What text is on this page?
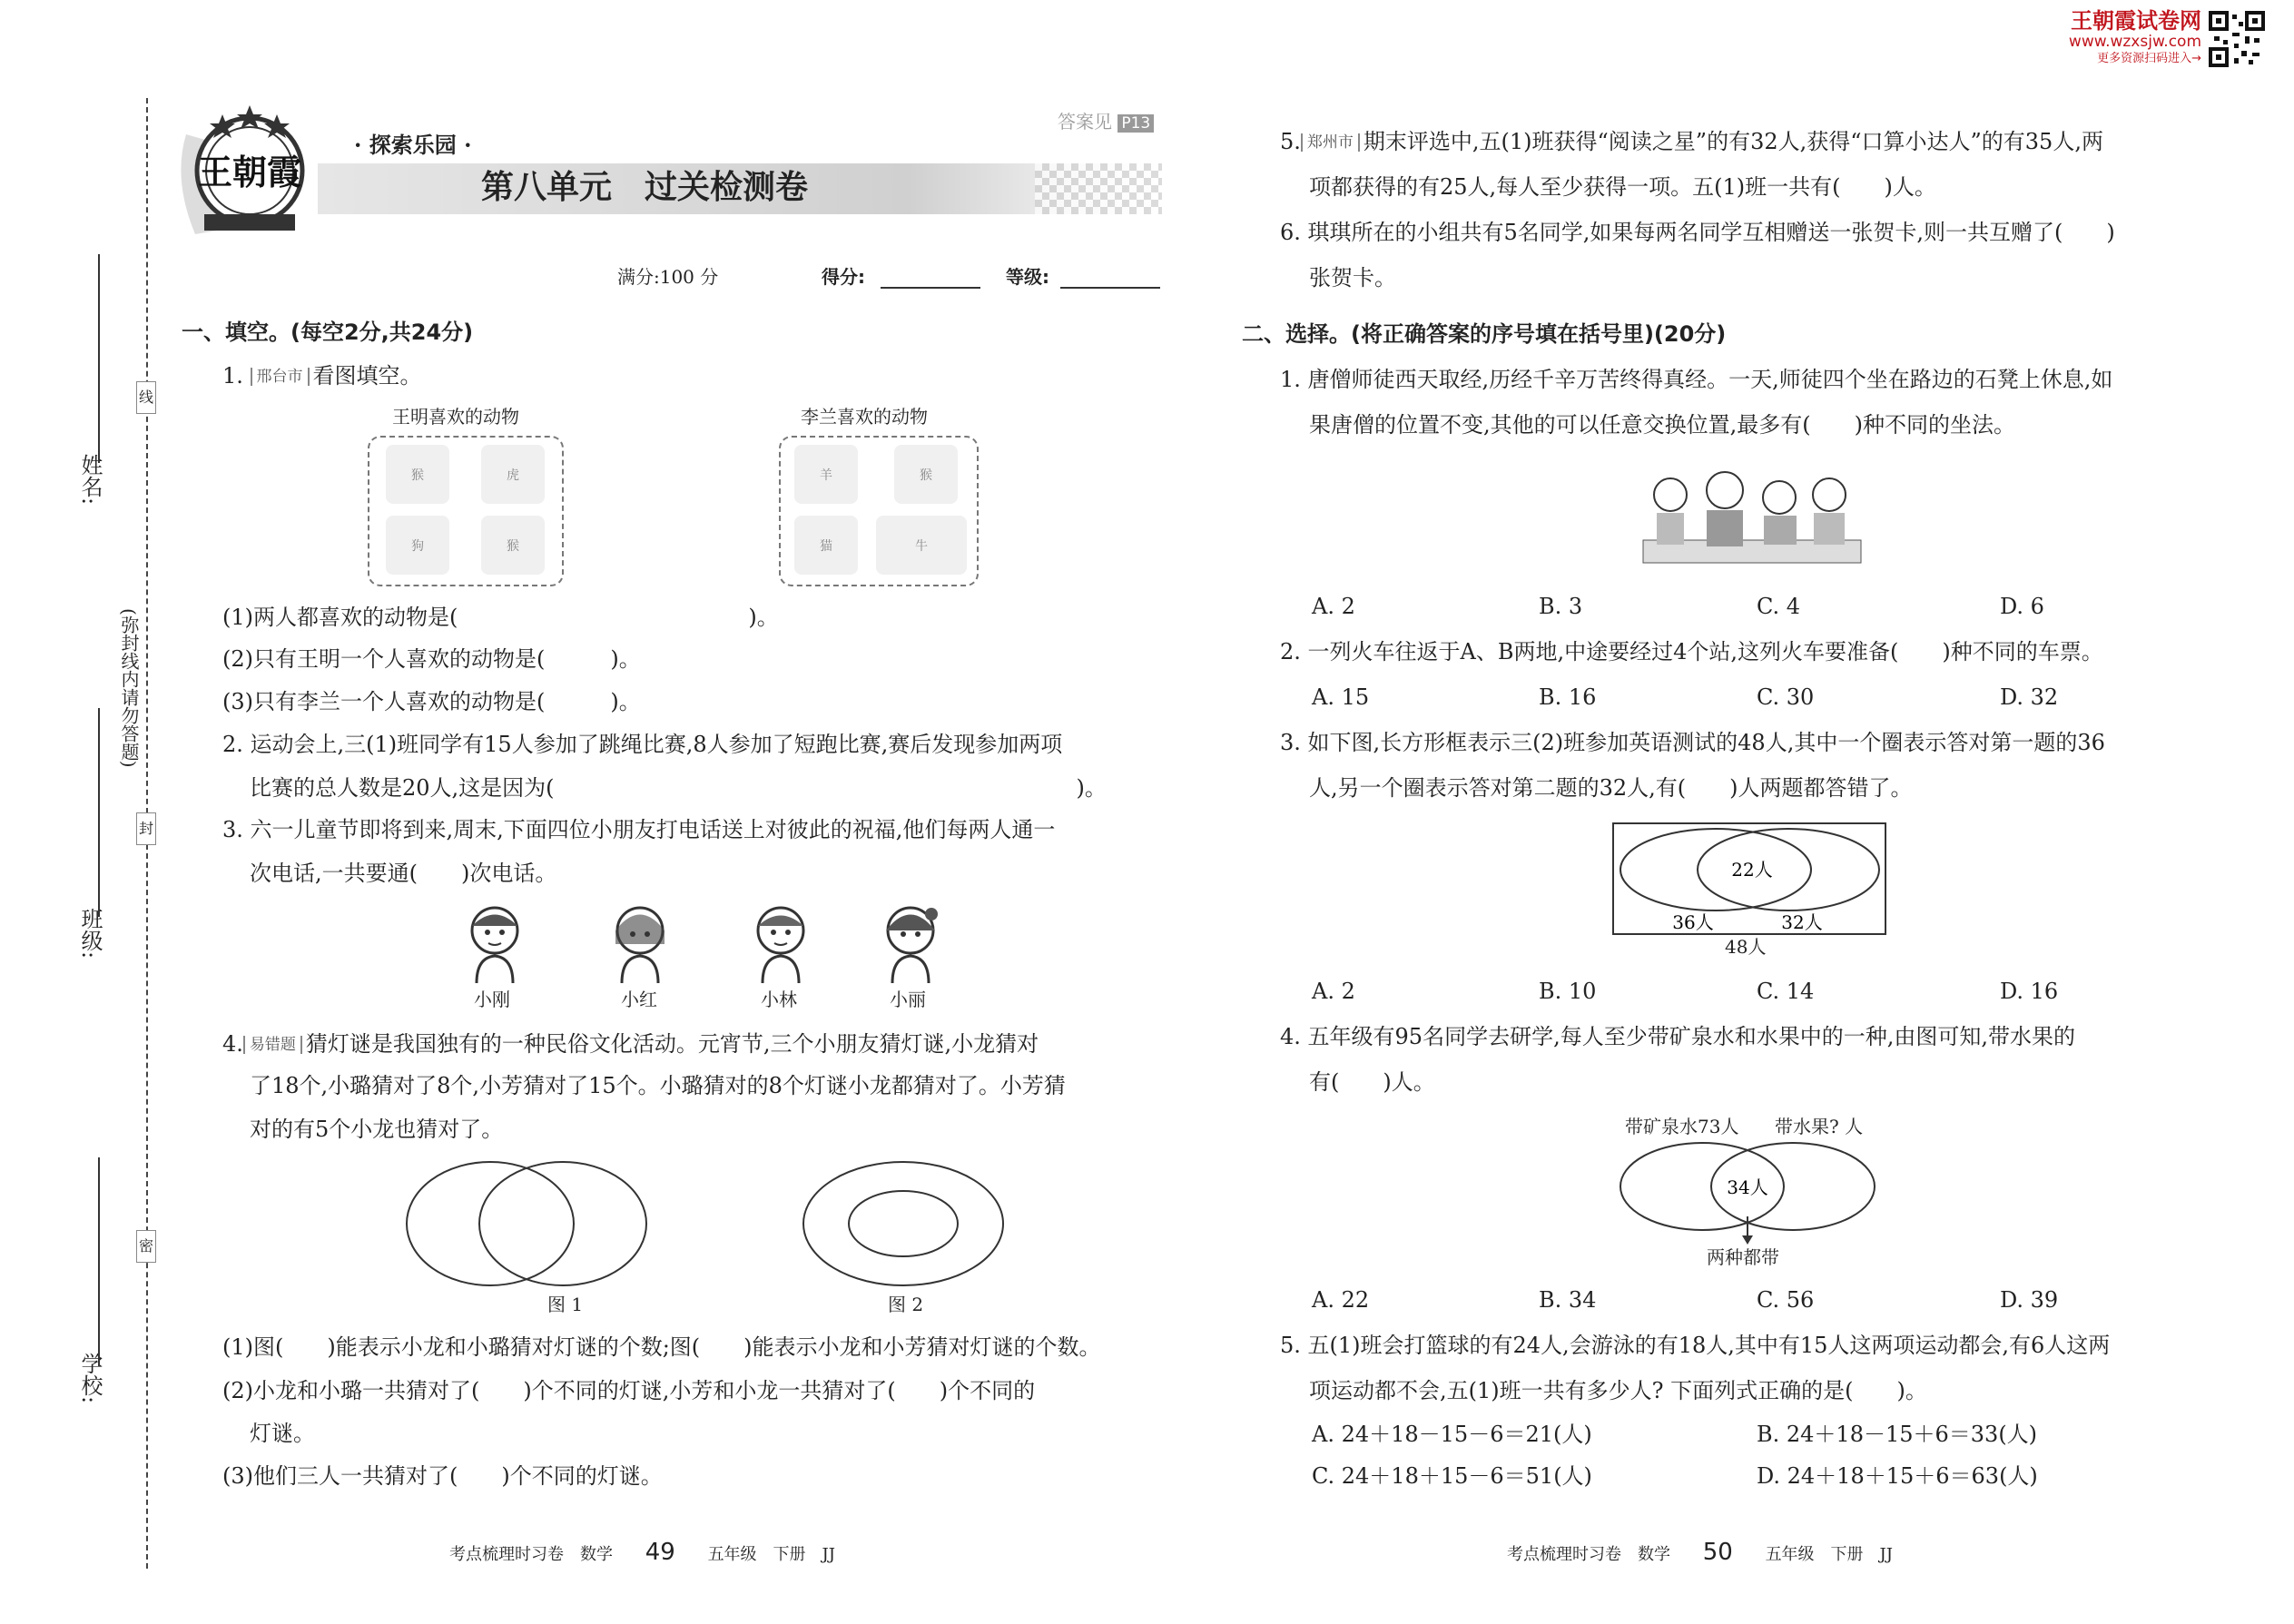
王朝霞试卷网
www.wzxsjw.com
更多资源扫码进入→
姓名:
班级:
学校:
(弥封线内请勿答题)
线
封
密
王朝霞
· 探索乐园 ·
第八单元　过关检测卷
答案见 P13
满分:100 分	得分:	等级:
一、填空。(每空2分,共24分)
1. 邢台市 看图填空。
王明喜欢的动物
猴	虎
狗	猴
李兰喜欢的动物
羊	猴
猫	牛
(1)两人都喜欢的动物是(	)。
(2)只有王明一个人喜欢的动物是(　　　)。
(3)只有李兰一个人喜欢的动物是(　　　)。
2. 运动会上,三(1)班同学有15人参加了跳绳比赛,8人参加了短跑比赛,赛后发现参加两项
比赛的总人数是20人,这是因为(	)。
3. 六一儿童节即将到来,周末,下面四位小朋友打电话送上对彼此的祝福,他们每两人通一
次电话,一共要通(　　)次电话。
小刚	小红	小林	小丽
4. 易错题 猜灯谜是我国独有的一种民俗文化活动。元宵节,三个小朋友猜灯谜,小龙猜对
了18个,小璐猜对了8个,小芳猜对了15个。小璐猜对的8个灯谜小龙都猜对了。小芳猜
对的有5个小龙也猜对了。
图 1	图 2
(1)图(　　)能表示小龙和小璐猜对灯谜的个数;图(　　)能表示小龙和小芳猜对灯谜的个数。
(2)小龙和小璐一共猜对了(　　)个不同的灯谜,小芳和小龙一共猜对了(　　)个不同的
灯谜。
(3)他们三人一共猜对了(　　)个不同的灯谜。
考点梳理时习卷　数学 49 五年级　下册　JJ
5. 郑州市 期末评选中,五(1)班获得“阅读之星”的有32人,获得“口算小达人”的有35人,两
项都获得的有25人,每人至少获得一项。五(1)班一共有(　　)人。
6. 琪琪所在的小组共有5名同学,如果每两名同学互相赠送一张贺卡,则一共互赠了(　　)
张贺卡。
二、选择。(将正确答案的序号填在括号里)(20分)
1. 唐僧师徒西天取经,历经千辛万苦终得真经。一天,师徒四个坐在路边的石凳上休息,如
果唐僧的位置不变,其他的可以任意交换位置,最多有(　　)种不同的坐法。
A. 2	B. 3	C. 4	D. 6
2. 一列火车往返于A、B两地,中途要经过4个站,这列火车要准备(　　)种不同的车票。
A. 15	B. 16	C. 30	D. 32
3. 如下图,长方形框表示三(2)班参加英语测试的48人,其中一个圈表示答对第一题的36
人,另一个圈表示答对第二题的32人,有(　　)人两题都答错了。
22人
36人	32人
48人
A. 2	B. 10	C. 14	D. 16
4. 五年级有95名同学去研学,每人至少带矿泉水和水果中的一种,由图可知,带水果的
有(　　)人。
带矿泉水73人 带水果? 人
34人
两种都带
A. 22	B. 34	C. 56	D. 39
5. 五(1)班会打篮球的有24人,会游泳的有18人,其中有15人这两项运动都会,有6人这两
项运动都不会,五(1)班一共有多少人? 下面列式正确的是(　　)。
A. 24＋18－15－6＝21(人)	B. 24＋18－15＋6＝33(人)
C. 24＋18＋15－6＝51(人)	D. 24＋18＋15＋6＝63(人)
考点梳理时习卷　数学 50 五年级　下册　JJ
